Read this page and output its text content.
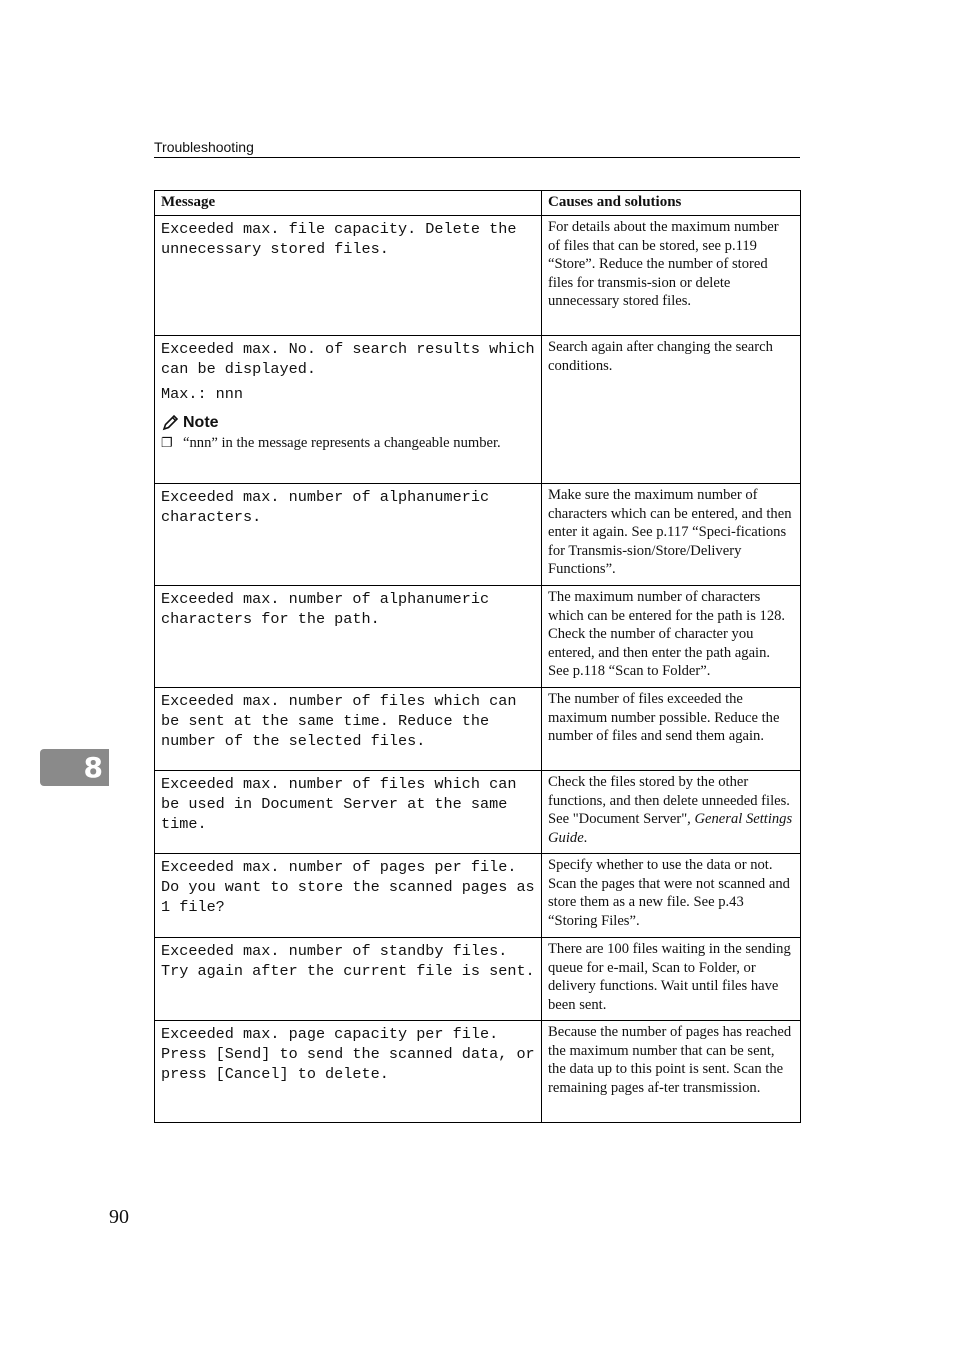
Troubleshooting
Message	Causes and solutions

Exceeded max. file capacity. Delete the unnecessary stored files.	For details about the maximum number of files that can be stored, see p.119 “Store”. Reduce the number of stored files for transmis-sion or delete unnecessary stored files.

Exceeded max. No. of search results which can be displayed.
Max.: nnn
Note
❐ “nnn” in the message represents a changeable number.	Search again after changing the search conditions.

Exceeded max. number of alphanumeric characters.	Make sure the maximum number of characters which can be entered, and then enter it again. See p.117 “Speci-fications for Transmis-sion/Store/Delivery Functions”.

Exceeded max. number of alphanumeric characters for the path.	The maximum number of characters which can be entered for the path is 128. Check the number of character you entered, and then enter the path again. See p.118 “Scan to Folder”.

Exceeded max. number of files which can be sent at the same time. Reduce the number of the selected files.	The number of files exceeded the maximum number possible. Reduce the number of files and send them again.

Exceeded max. number of files which can be used in Document Server at the same time.	Check the files stored by the other functions, and then delete unneeded files. See "Document Server", General Settings Guide.

Exceeded max. number of pages per file. Do you want to store the scanned pages as 1 file?	Specify whether to use the data or not. Scan the pages that were not scanned and store them as a new file. See p.43 “Storing Files”.

Exceeded max. number of standby files. Try again after the current file is sent.	There are 100 files waiting in the sending queue for e-mail, Scan to Folder, or delivery functions. Wait until files have been sent.

Exceeded max. page capacity per file. Press [Send] to send the scanned data, or press [Cancel] to delete.	Because the number of pages has reached the maximum number that can be sent, the data up to this point is sent. Scan the remaining pages af-ter transmission.
8
90
